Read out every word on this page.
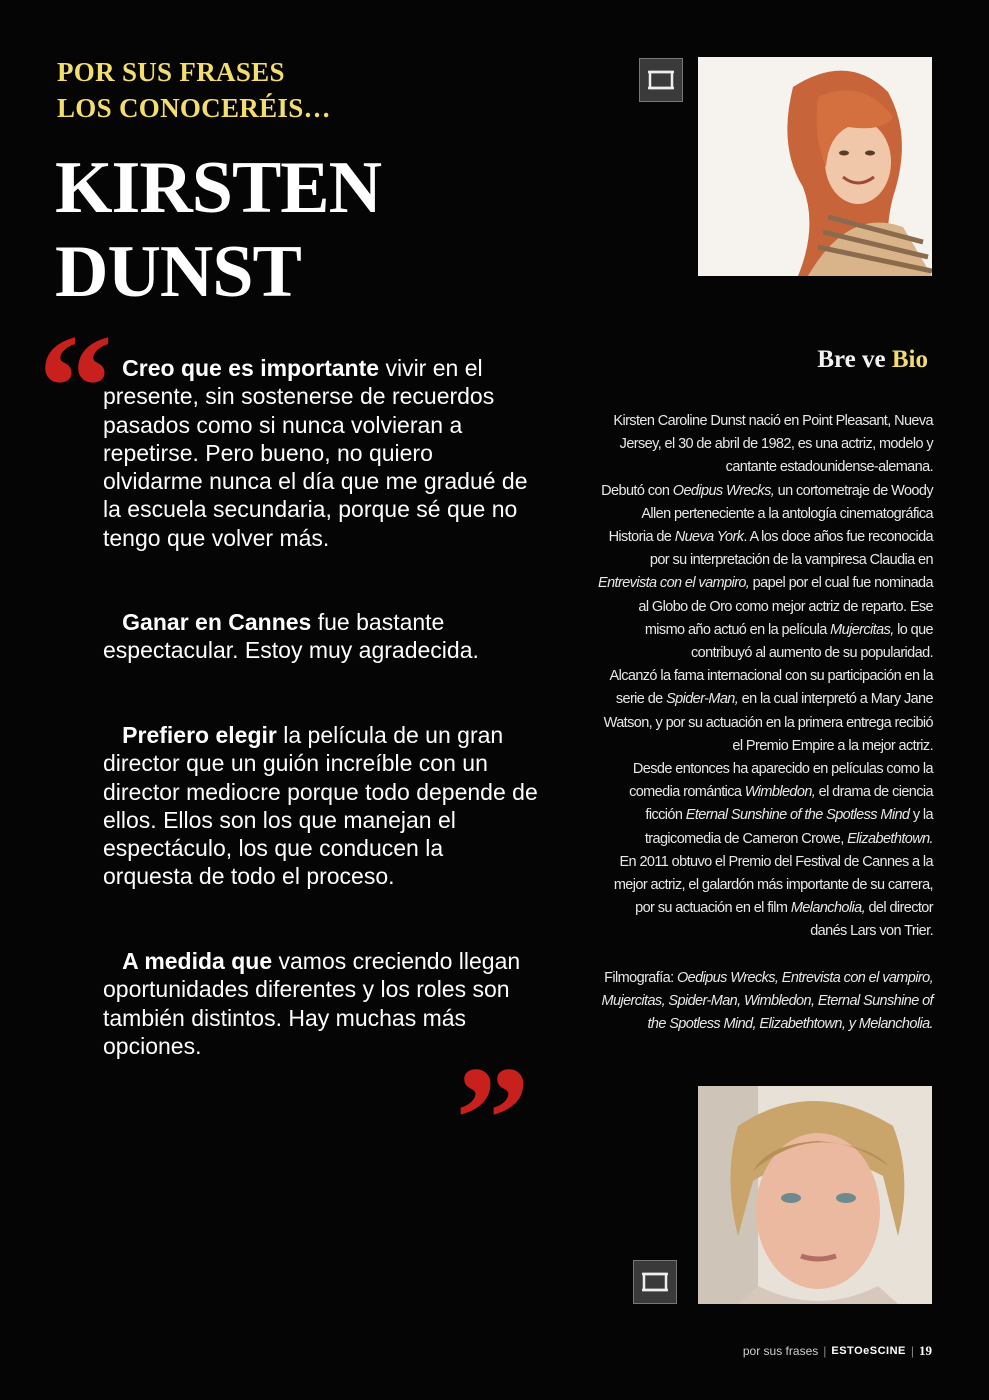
POR SUS FRASES
LOS CONOCERÉIS…
KIRSTEN
DUNST
“ Creo que es importante vivir en el presente, sin sostenerse de recuerdos pasados como si nunca volvieran a repetirse. Pero bueno, no quiero olvidarme nunca el día que me gradué de la escuela secundaria, porque sé que no tengo que volver más.
Ganar en Cannes fue bastante espectacular. Estoy muy agradecida.
Prefiero elegir la película de un gran director que un guión increíble con un director mediocre porque todo depende de ellos. Ellos son los que manejan el espectáculo, los que conducen la orquesta de todo el proceso.
A medida que vamos creciendo llegan oportunidades diferentes y los roles son también distintos. Hay muchas más opciones.	”
Bre ve Bio

Kirsten Caroline Dunst nació en Point Pleasant, Nueva Jersey, el 30 de abril de 1982, es una actriz, modelo y cantante estadounidense-alemana.

Debutó con Oedipus Wrecks, un cortometraje de Woody Allen perteneciente a la antología cinematográfica Historia de Nueva York. A los doce años fue reconocida por su interpretación de la vampiresa Claudia en Entrevista con el vampiro, papel por el cual fue nominada al Globo de Oro como mejor actriz de reparto. Ese mismo año actuó en la película Mujercitas, lo que contribuyó al aumento de su popularidad.

Alcanzó la fama internacional con su participación en la serie de Spider-Man, en la cual interpretó a Mary Jane Watson, y por su actuación en la primera entrega recibió el Premio Empire a la mejor actriz.

Desde entonces ha aparecido en películas como la comedia romántica Wimbledon, el drama de ciencia ficción Eternal Sunshine of the Spotless Mind y la tragicomedia de Cameron Crowe, Elizabethtown.

En 2011 obtuvo el Premio del Festival de Cannes a la mejor actriz, el galardón más importante de su carrera, por su actuación en el film Melancholia, del director danés Lars von Trier.

Filmografía: Oedipus Wrecks, Entrevista con el vampiro, Mujercitas, Spider-Man, Wimbledon, Eternal Sunshine of the Spotless Mind, Elizabethtown, y Melancholia.

por sus frases | ESTOeSCINE | 19
